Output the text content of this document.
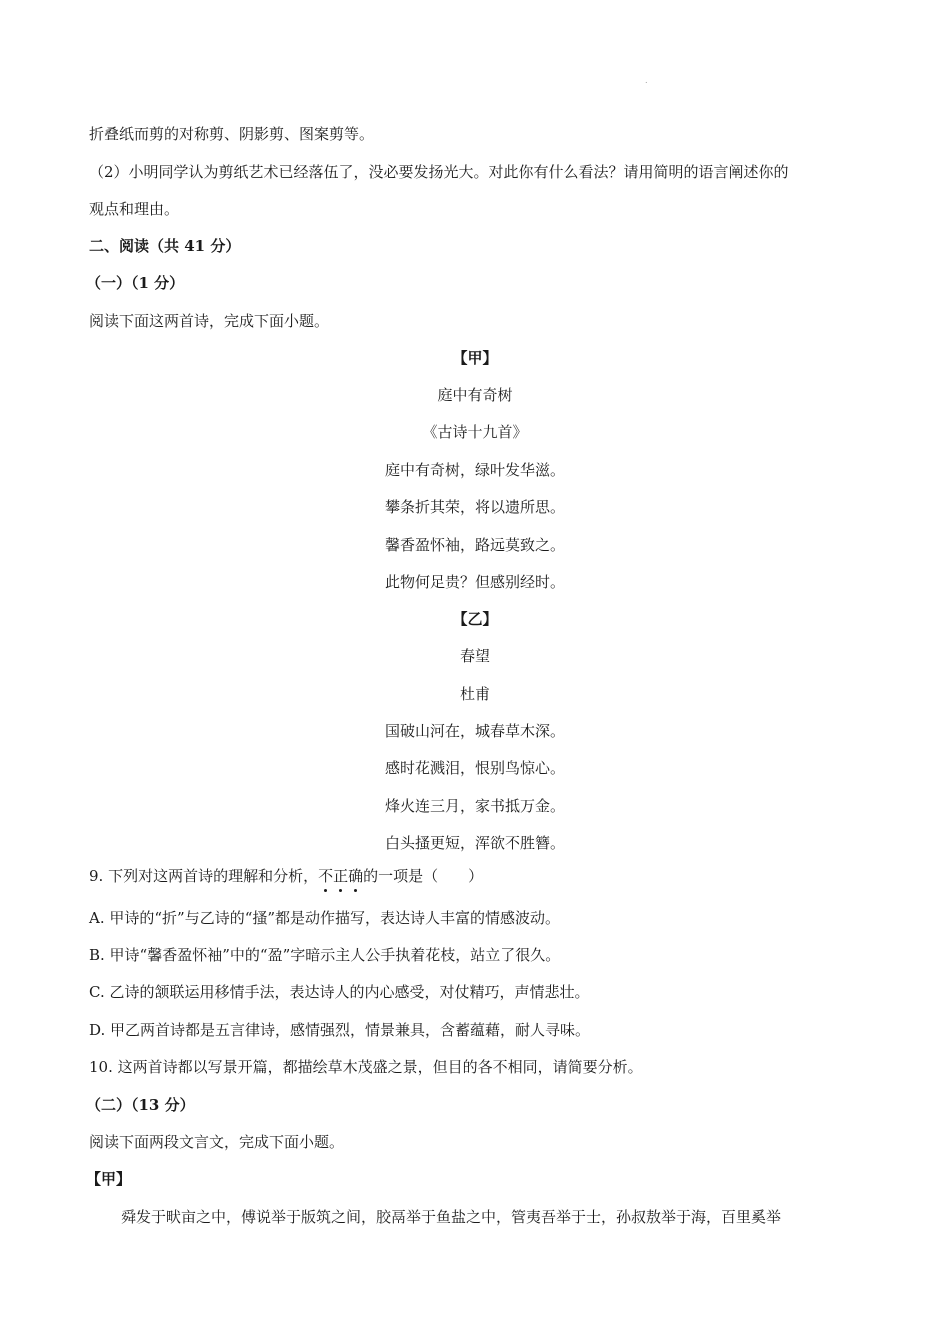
.
折叠纸而剪的对称剪、阴影剪、图案剪等。
（2）小明同学认为剪纸艺术已经落伍了，没必要发扬光大。对此你有什么看法？请用简明的语言阐述你的
观点和理由。
二、阅读（共 41 分）
（一）（1 分）
阅读下面这两首诗，完成下面小题。
【甲】
庭中有奇树
《古诗十九首》
庭中有奇树，绿叶发华滋。
攀条折其荣，将以遗所思。
馨香盈怀袖，路远莫致之。
此物何足贵？但感别经时。
【乙】
春望
杜甫
国破山河在，城春草木深。
感时花溅泪，恨别鸟惊心。
烽火连三月，家书抵万金。
白头搔更短，浑欲不胜簪。
9. 下列对这两首诗的理解和分析，不正确的一项是（　　）
A. 甲诗的“折”与乙诗的“搔”都是动作描写，表达诗人丰富的情感波动。
B. 甲诗“馨香盈怀袖”中的“盈”字暗示主人公手执着花枝，站立了很久。
C. 乙诗的颔联运用移情手法，表达诗人的内心感受，对仗精巧，声情悲壮。
D. 甲乙两首诗都是五言律诗，感情强烈，情景兼具，含蓄蕴藉，耐人寻味。
10. 这两首诗都以写景开篇，都描绘草木茂盛之景，但目的各不相同，请简要分析。
（二）（13 分）
阅读下面两段文言文，完成下面小题。
【甲】
舜发于畎亩之中，傅说举于版筑之间，胶鬲举于鱼盐之中，管夷吾举于士，孙叔敖举于海，百里奚举
